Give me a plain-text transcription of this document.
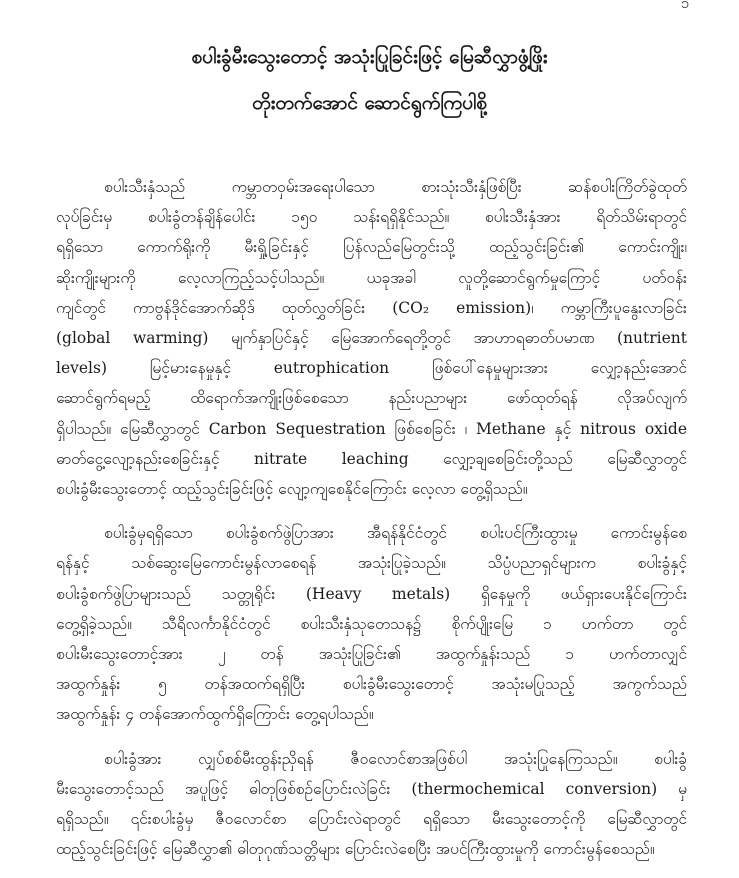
၁
စပါးခွံမီးသွေးတောင့် အသုံးပြုခြင်းဖြင့် မြေဆီလွှာဖွံ့ဖြိုး
တိုးတက်အောင် ဆောင်ရွက်ကြပါစို့
စပါးသီးနှံသည် ကမ္ဘာတဝှမ်းအရေးပါသော စားသုံးသီးနှံဖြစ်ပြီး ဆန်စပါးကြိတ်ခွဲထုတ်
လုပ်ခြင်းမှ စပါးခွံတန်ချိန်ပေါင်း ၁၅၀ သန်းရရှိနိုင်သည်။ စပါးသီးနှံအား ရိတ်သိမ်းရာတွင်
ရရှိသော ကောက်ရိုးကို မီးရှို့ခြင်းနှင့် ပြန်လည်မြေတွင်းသို့ ထည့်သွင်းခြင်း၏ ကောင်းကျိုး၊
ဆိုးကျိုးများကို လေ့လာကြည့်သင့်ပါသည်။ ယခုအခါ လူတို့ဆောင်ရွက်မှုကြောင့် ပတ်ဝန်း
ကျင်တွင် ကာဗွန်ဒိုင်အောက်ဆိုဒ် ထုတ်လွှတ်ခြင်း (CO₂ emission)၊ ကမ္ဘာကြီးပူနွေးလာခြင်း
(global warming) မျက်နှာပြင်နှင့် မြေအောက်ရေတို့တွင် အာဟာရဓာတ်ပမာဏ (nutrient
levels) မြင့်မားနေမှုနှင့် eutrophication ဖြစ်ပေါ်နေမှုများအား လျှော့နည်းအောင်
ဆောင်ရွက်ရမည့် ထိရောက်အကျိုးဖြစ်စေသော နည်းပညာများ ဖော်ထုတ်ရန် လိုအပ်လျက်
ရှိပါသည်။ မြေဆီလွှာတွင် Carbon Sequestration ဖြစ်စေခြင်း ၊ Methane နှင့် nitrous oxide
ဓာတ်ငွေ့လျော့နည်းစေခြင်းနှင့် nitrate leaching လျှော့ချစေခြင်းတို့သည် မြေဆီလွှာတွင်
စပါးခွံမီးသွေးတောင့် ထည့်သွင်းခြင်းဖြင့် လျော့ကျစေနိုင်ကြောင်း လေ့လာ တွေ့ရှိသည်။
စပါးခွံမှရရှိသော စပါးခွံစက်ဖွဲပြာအား အီရန်နိုင်ငံတွင် စပါးပင်ကြီးထွားမှု ကောင်းမွန်စေ
ရန်နှင့် သစ်ဆွေးမြေကောင်းမွန်လာစေရန် အသုံးပြုခဲ့သည်။ သိပ္ပံပညာရှင်များက စပါးခွံနှင့်
စပါးခွံစက်ဖွဲပြာများသည် သတ္တုရိုင်း (Heavy metals) ရှိနေမှုကို ဖယ်ရှားပေးနိုင်ကြောင်း
တွေ့ရှိခဲ့သည်။ သီရိလင်္ကာနိုင်ငံတွင် စပါးသီးနှံသုတေသန၌ စိုက်ပျိုးမြေ ၁ ဟက်တာ တွင်
စပါးမီးသွေးတောင့်အား ၂ တန် အသုံးပြုခြင်း၏ အထွက်နှုန်းသည် ၁ ဟက်တာလျှင်
အထွက်နှုန်း ၅ တန်အထက်ရရှိပြီး စပါးခွံမီးသွေးတောင့် အသုံးမပြုသည့် အကွက်သည်
အထွက်နှုန်း ၄ တန်အောက်ထွက်ရှိကြောင်း တွေ့ရပါသည်။
စပါးခွံအား လျှပ်စစ်မီးထွန်းညှိရန် ဇီဝလောင်စာအဖြစ်ပါ အသုံးပြုနေကြသည်။ စပါးခွံ
မီးသွေးတောင့်သည် အပူဖြင့် ဓါတုဖြစ်စဉ်ပြောင်းလဲခြင်း (thermochemical conversion) မှ
ရရှိသည်။ ၎င်းစပါးခွံမှ ဇီဝလောင်စာ ပြောင်းလဲရာတွင် ရရှိသော မီးသွေးတောင့်ကို မြေဆီလွှာတွင်
ထည့်သွင်းခြင်းဖြင့် မြေဆီလွှာ၏ ဓါတုဂုဏ်သတ္တိများ ပြောင်းလဲစေပြီး အပင်ကြီးထွားမှုကို ကောင်းမွန်စေသည်။
